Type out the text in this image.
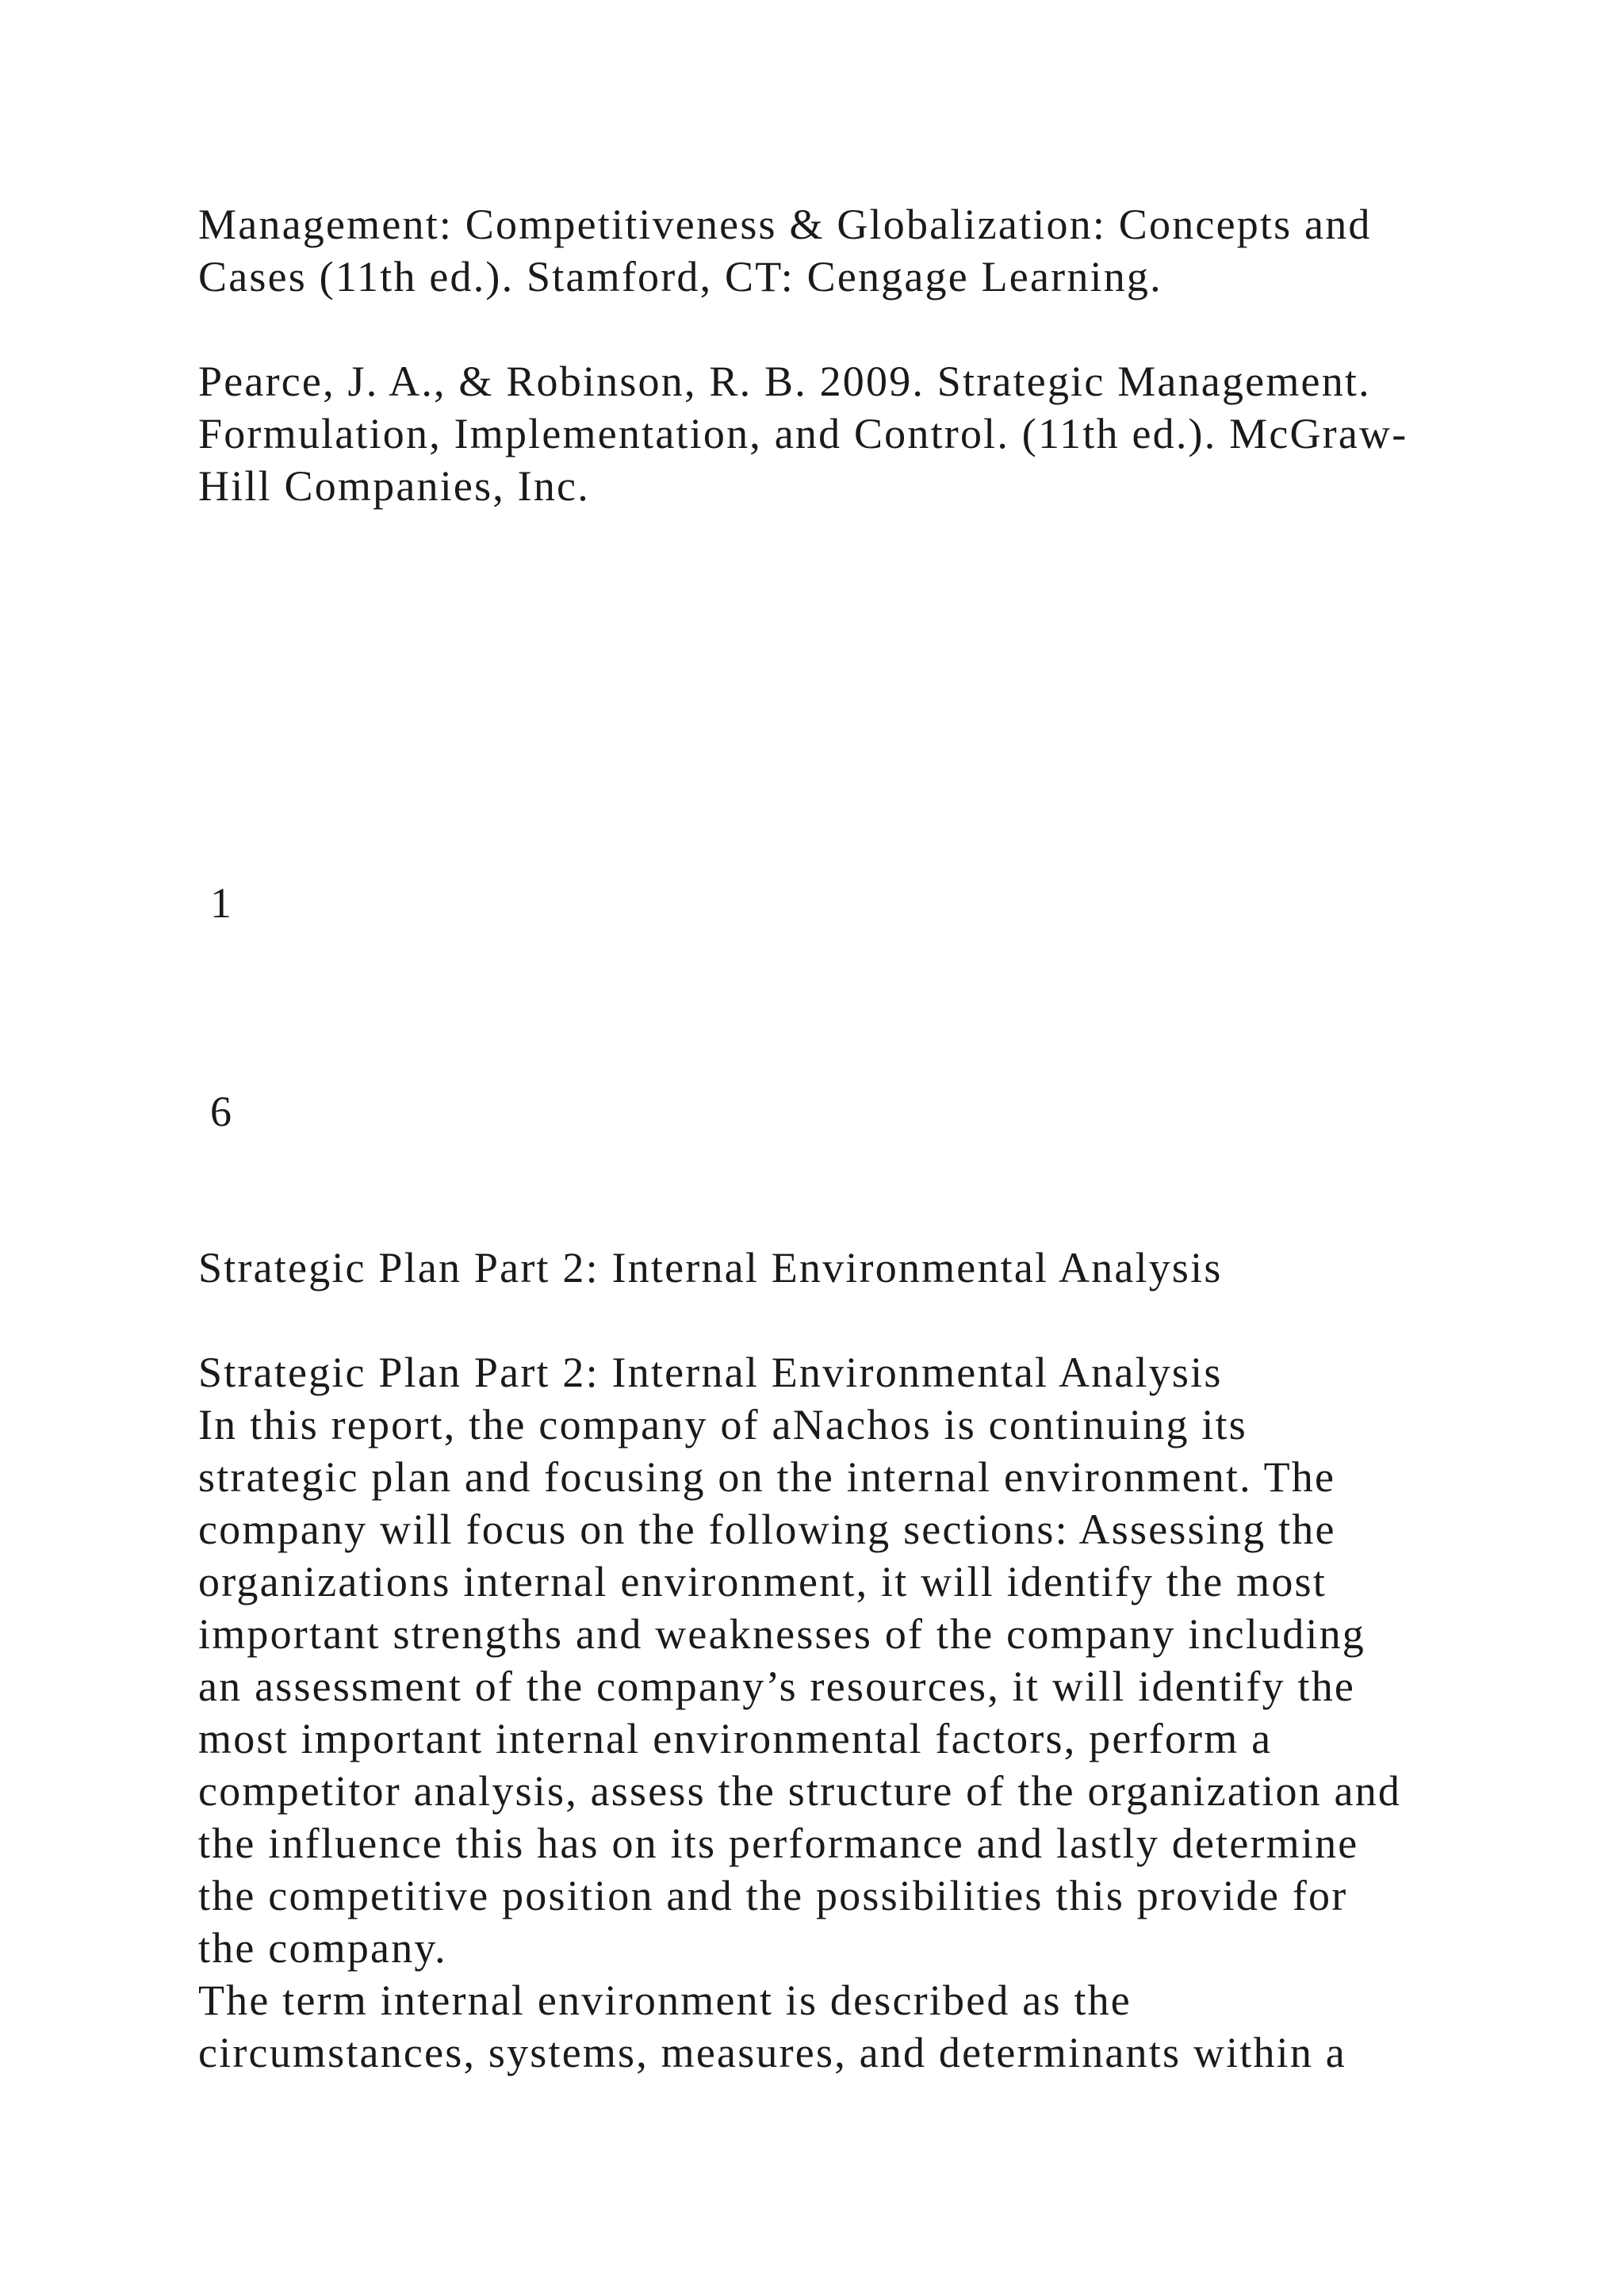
Management: Competitiveness & Globalization: Concepts and
Cases (11th ed.). Stamford, CT: Cengage Learning.
Pearce, J. A., & Robinson, R. B. 2009. Strategic Management.
Formulation, Implementation, and Control. (11th ed.). McGraw-
Hill Companies, Inc.
1
6
Strategic Plan Part 2: Internal Environmental Analysis
Strategic Plan Part 2: Internal Environmental Analysis
In this report, the company of aNachos is continuing its
strategic plan and focusing on the internal environment. The
company will focus on the following sections: Assessing the
organizations internal environment, it will identify the most
important strengths and weaknesses of the company including
an assessment of the company’s resources, it will identify the
most important internal environmental factors, perform a
competitor analysis, assess the structure of the organization and
the influence this has on its performance and lastly determine
the competitive position and the possibilities this provide for
the company.
The term internal environment is described as the
circumstances, systems, measures, and determinants within a
